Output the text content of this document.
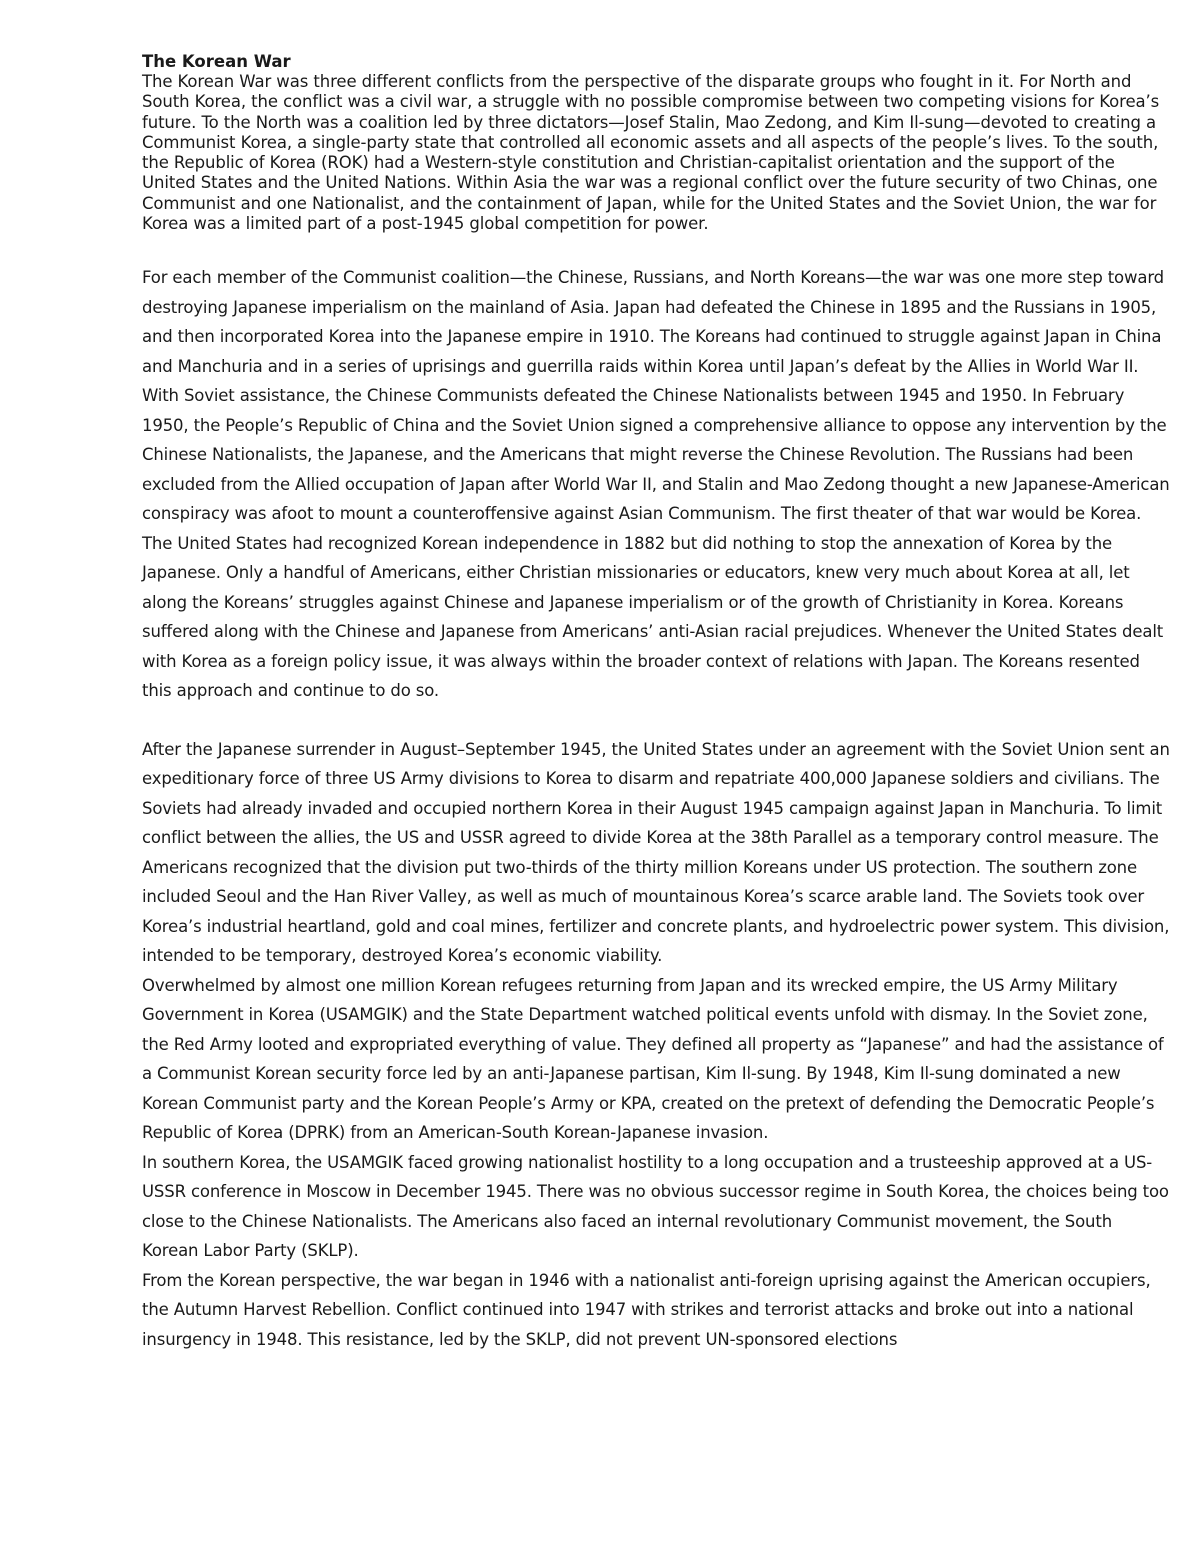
The Korean War

The Korean War was three different conflicts from the perspective of the disparate groups who fought in it. For North and South Korea, the conflict was a civil war, a struggle with no possible compromise between two competing visions for Korea’s future. To the North was a coalition led by three dictators—Josef Stalin, Mao Zedong, and Kim Il-sung—devoted to creating a Communist Korea, a single-party state that controlled all economic assets and all aspects of the people’s lives. To the south, the Republic of Korea (ROK) had a Western-style constitution and Christian-capitalist orientation and the support of the United States and the United Nations. Within Asia the war was a regional conflict over the future security of two Chinas, one Communist and one Nationalist, and the containment of Japan, while for the United States and the Soviet Union, the war for Korea was a limited part of a post-1945 global competition for power.

For each member of the Communist coalition—the Chinese, Russians, and North Koreans—the war was one more step toward destroying Japanese imperialism on the mainland of Asia. Japan had defeated the Chinese in 1895 and the Russians in 1905, and then incorporated Korea into the Japanese empire in 1910. The Koreans had continued to struggle against Japan in China and Manchuria and in a series of uprisings and guerrilla raids within Korea until Japan’s defeat by the Allies in World War II.

With Soviet assistance, the Chinese Communists defeated the Chinese Nationalists between 1945 and 1950. In February 1950, the People’s Republic of China and the Soviet Union signed a comprehensive alliance to oppose any intervention by the Chinese Nationalists, the Japanese, and the Americans that might reverse the Chinese Revolution. The Russians had been excluded from the Allied occupation of Japan after World War II, and Stalin and Mao Zedong thought a new Japanese-American conspiracy was afoot to mount a counteroffensive against Asian Communism. The first theater of that war would be Korea.

The United States had recognized Korean independence in 1882 but did nothing to stop the annexation of Korea by the Japanese. Only a handful of Americans, either Christian missionaries or educators, knew very much about Korea at all, let along the Koreans’ struggles against Chinese and Japanese imperialism or of the growth of Christianity in Korea. Koreans suffered along with the Chinese and Japanese from Americans’ anti-Asian racial prejudices. Whenever the United States dealt with Korea as a foreign policy issue, it was always within the broader context of relations with Japan. The Koreans resented this approach and continue to do so.

After the Japanese surrender in August–September 1945, the United States under an agreement with the Soviet Union sent an expeditionary force of three US Army divisions to Korea to disarm and repatriate 400,000 Japanese soldiers and civilians. The Soviets had already invaded and occupied northern Korea in their August 1945 campaign against Japan in Manchuria. To limit conflict between the allies, the US and USSR agreed to divide Korea at the 38th Parallel as a temporary control measure. The Americans recognized that the division put two-thirds of the thirty million Koreans under US protection. The southern zone included Seoul and the Han River Valley, as well as much of mountainous Korea’s scarce arable land. The Soviets took over Korea’s industrial heartland, gold and coal mines, fertilizer and concrete plants, and hydroelectric power system. This division, intended to be temporary, destroyed Korea’s economic viability.

Overwhelmed by almost one million Korean refugees returning from Japan and its wrecked empire, the US Army Military Government in Korea (USAMGIK) and the State Department watched political events unfold with dismay. In the Soviet zone, the Red Army looted and expropriated everything of value. They defined all property as “Japanese” and had the assistance of a Communist Korean security force led by an anti-Japanese partisan, Kim Il-sung. By 1948, Kim Il-sung dominated a new Korean Communist party and the Korean People’s Army or KPA, created on the pretext of defending the Democratic People’s Republic of Korea (DPRK) from an American-South Korean-Japanese invasion.

In southern Korea, the USAMGIK faced growing nationalist hostility to a long occupation and a trusteeship approved at a US-USSR conference in Moscow in December 1945. There was no obvious successor regime in South Korea, the choices being too close to the Chinese Nationalists. The Americans also faced an internal revolutionary Communist movement, the South Korean Labor Party (SKLP).

From the Korean perspective, the war began in 1946 with a nationalist anti-foreign uprising against the American occupiers, the Autumn Harvest Rebellion. Conflict continued into 1947 with strikes and terrorist attacks and broke out into a national insurgency in 1948. This resistance, led by the SKLP, did not prevent UN-sponsored elections
